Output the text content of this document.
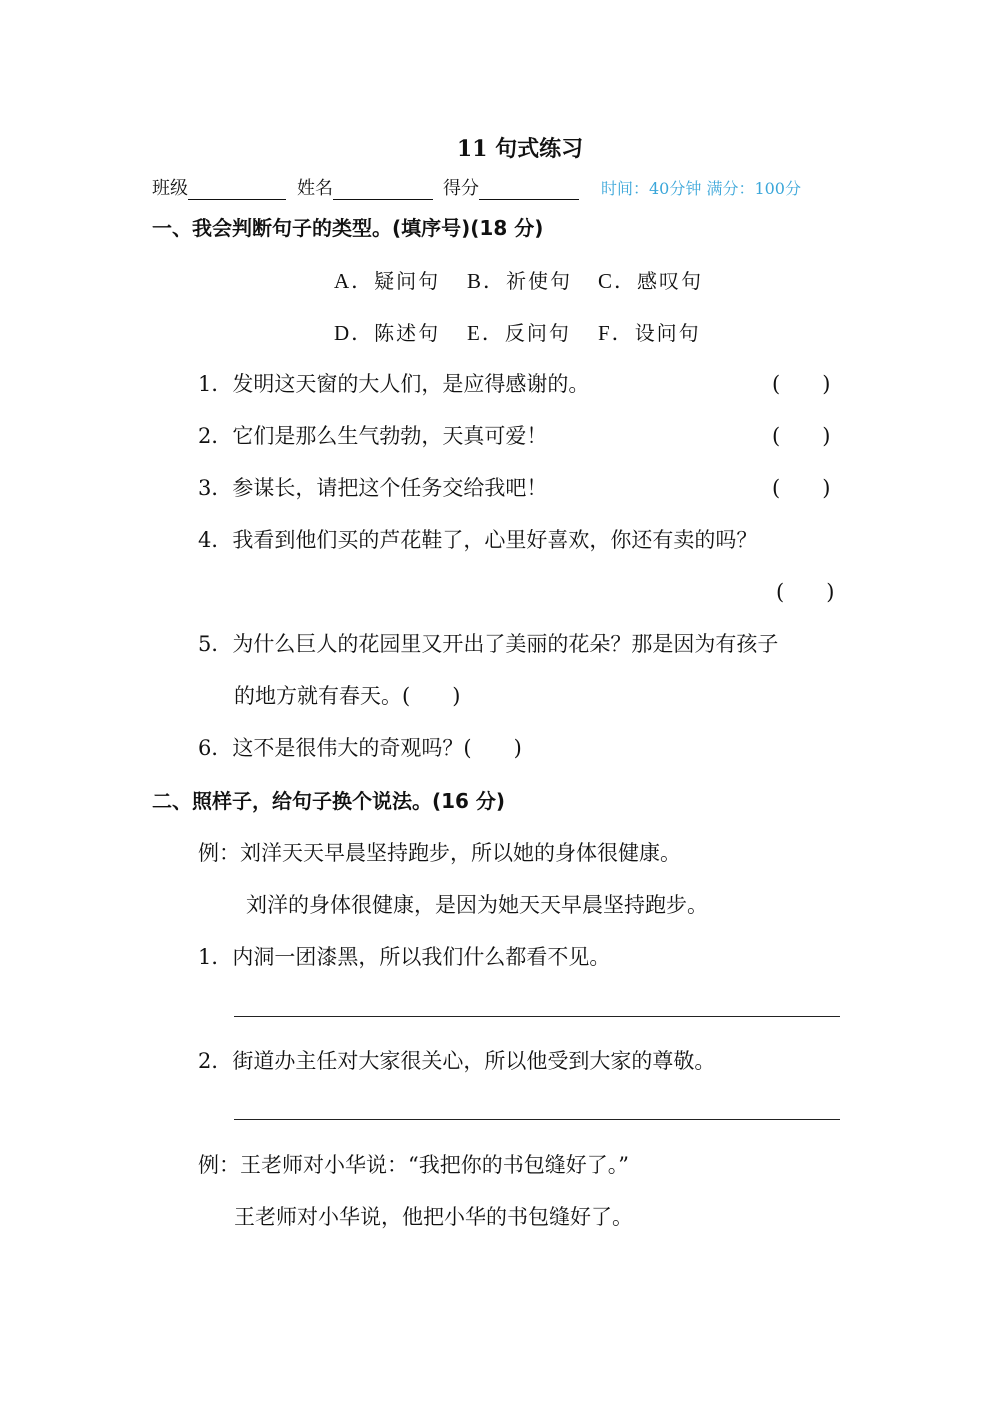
11 句式练习
班级	姓名	得分	时间：40分钟 满分：100分
一、我会判断句子的类型。(填序号)(18 分)
A．疑问句 B．祈使句 C．感叹句
D．陈述句 E．反问句 F．设问句
1．发明这天窗的大人们，是应得感谢的。	(　　)
2．它们是那么生气勃勃，天真可爱！	(　　)
3．参谋长，请把这个任务交给我吧！	(　　)
4．我看到他们买的芦花鞋了，心里好喜欢，你还有卖的吗？
(　　)
5．为什么巨人的花园里又开出了美丽的花朵？那是因为有孩子
的地方就有春天。(　　)
6．这不是很伟大的奇观吗？(　　)
二、照样子，给句子换个说法。(16 分)
例：刘洋天天早晨坚持跑步，所以她的身体很健康。
刘洋的身体很健康，是因为她天天早晨坚持跑步。
1．内洞一团漆黑，所以我们什么都看不见。
2．街道办主任对大家很关心，所以他受到大家的尊敬。
例：王老师对小华说：“我把你的书包缝好了。”
王老师对小华说，他把小华的书包缝好了。
